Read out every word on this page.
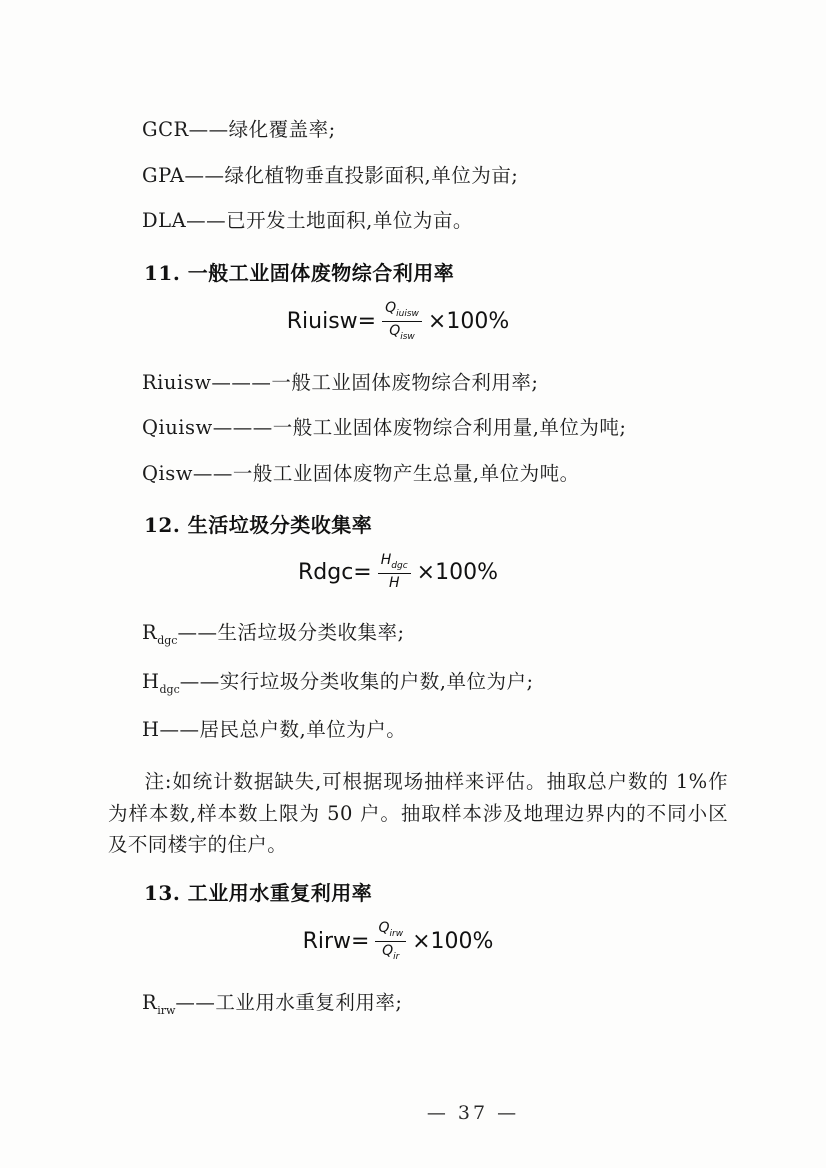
GCR——绿化覆盖率;

GPA——绿化植物垂直投影面积,单位为亩;

DLA——已开发土地面积,单位为亩。

11. 一般工业固体废物综合利用率
Riuisw= $\frac{Q_{iuisw}}{Q_{isw}} \times 100\%$

Riuisw———一般工业固体废物综合利用率;

Qiuisw———一般工业固体废物综合利用量,单位为吨;

Qisw——一般工业固体废物产生总量,单位为吨。

12. 生活垃圾分类收集率
Rdgc= $\frac{H_{dgc}}{H} \times 100\%$

$R_{dgc}——$生活垃圾分类收集率;

$H_{dgc}——$实行垃圾分类收集的户数,单位为户;

H——居民总户数,单位为户。

注:如统计数据缺失,可根据现场抽样来评估。抽取总户数的 1%作为样本数,样本数上限为 50 户。抽取样本涉及地理边界内的不同小区及不同楼宇的住户。

13. 工业用水重复利用率
Rirw= $\frac{Q_{irw}}{Q_{ir}} \times 100\%$

$R_{irw}——$工业用水重复利用率;

— 37 —
